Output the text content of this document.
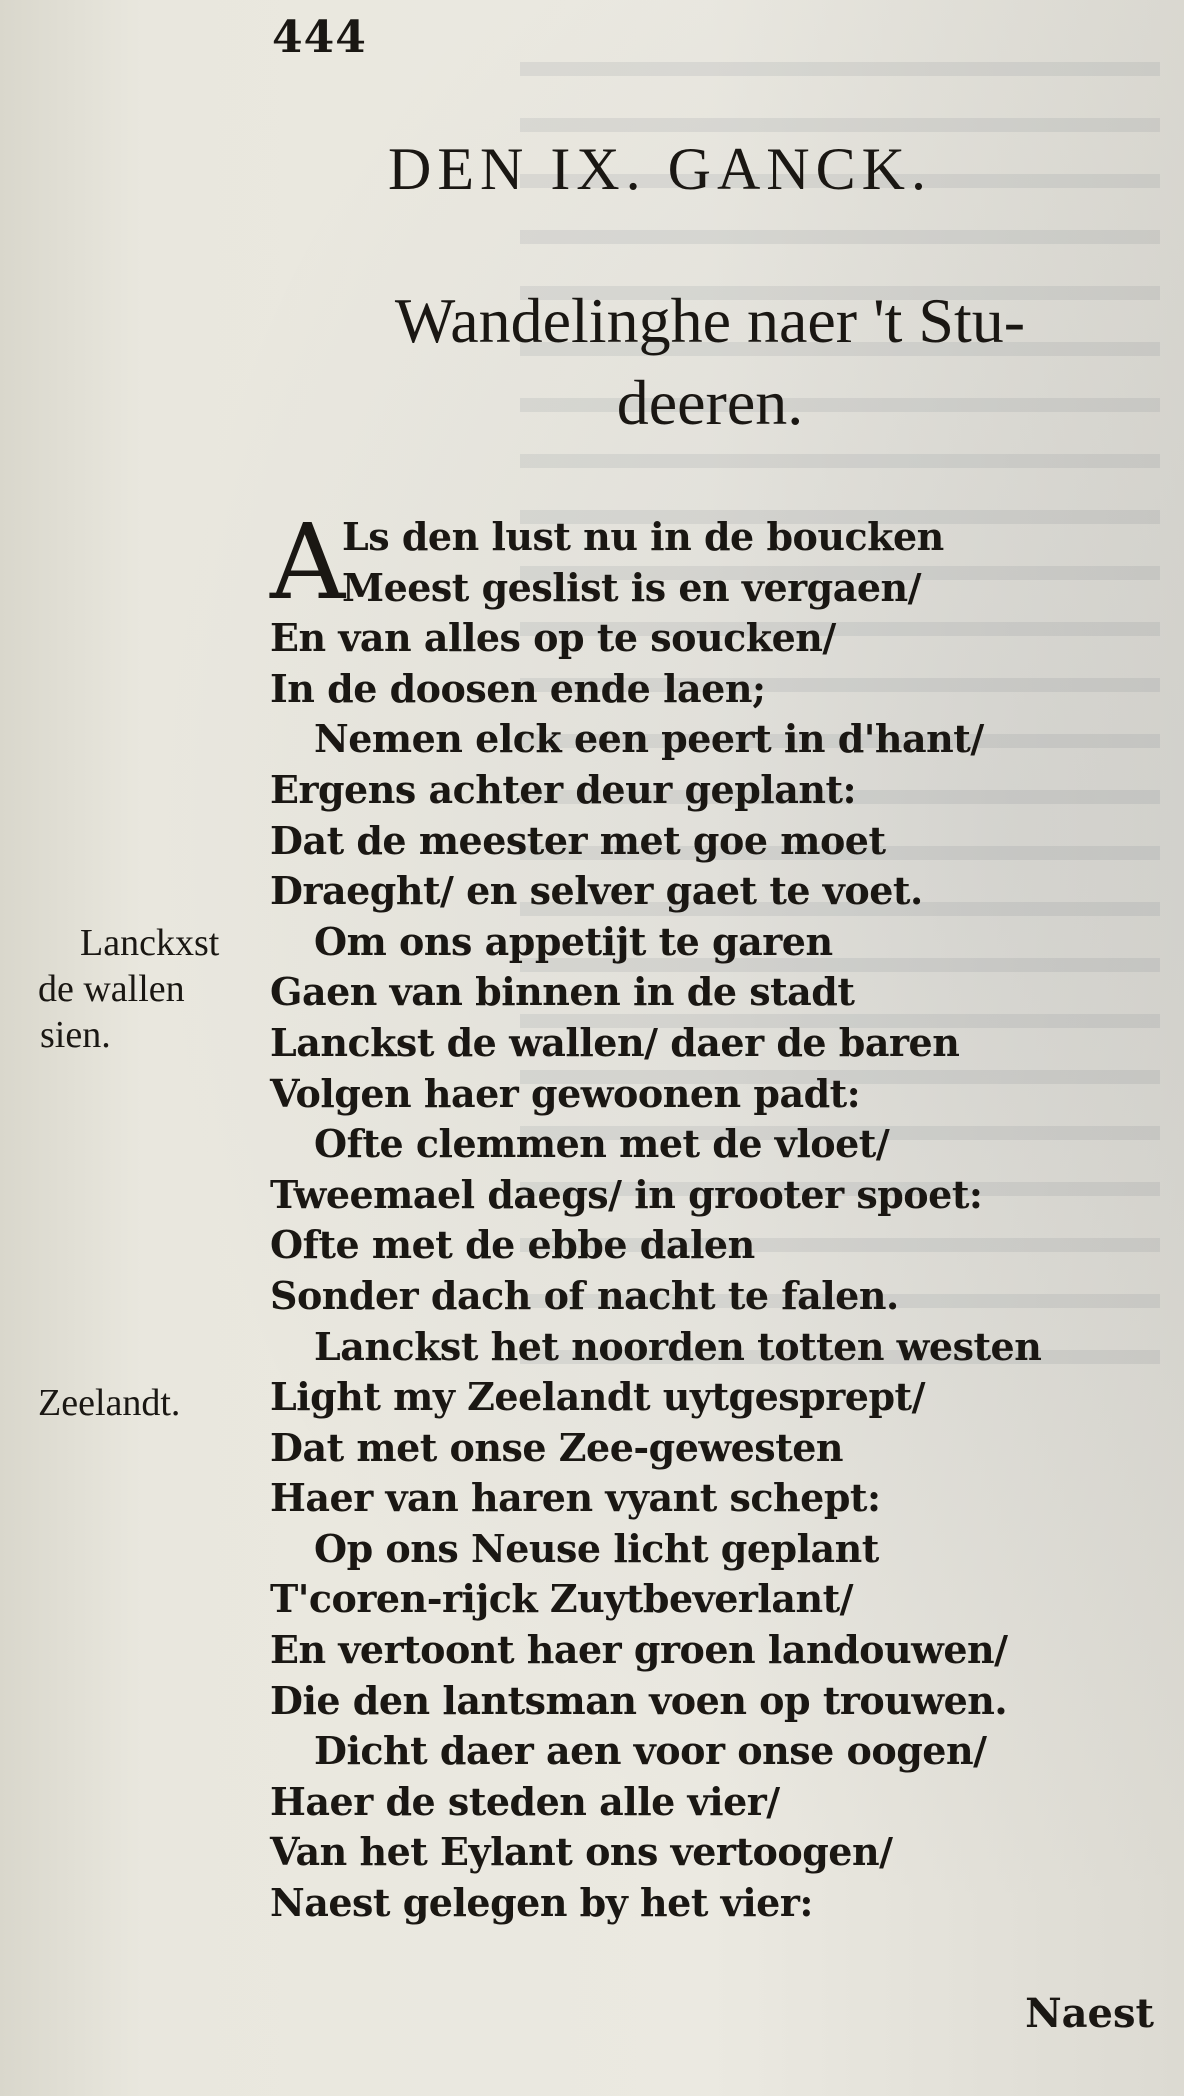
444
DEN IX. GANCK.
Wandelinghe naer 't Stu-
deeren.
A
Ls den lust nu in de boucken
Meest geslist is en vergaen/
En van alles op te soucken/
In de doosen ende laen;
Nemen elck een peert in d'hant/
Ergens achter deur geplant:
Dat de meester met goe moet
Draeght/ en selver gaet te voet.
Om ons appetijt te garen
Gaen van binnen in de stadt
Lanckst de wallen/ daer de baren
Volgen haer gewoonen padt:
Ofte clemmen met de vloet/
Tweemael daegs/ in grooter spoet:
Ofte met de ebbe dalen
Sonder dach of nacht te falen.
Lanckst het noorden totten westen
Light my Zeelandt uytgesprept/
Dat met onse Zee-gewesten
Haer van haren vyant schept:
Op ons Neuse licht geplant
T'coren-rijck Zuytbeverlant/
En vertoont haer groen landouwen/
Die den lantsman voen op trouwen.
Dicht daer aen voor onse oogen/
Haer de steden alle vier/
Van het Eylant ons vertoogen/
Naest gelegen by het vier:
Lanckxst
de wallen
sien.
Zeelandt.
Naest
